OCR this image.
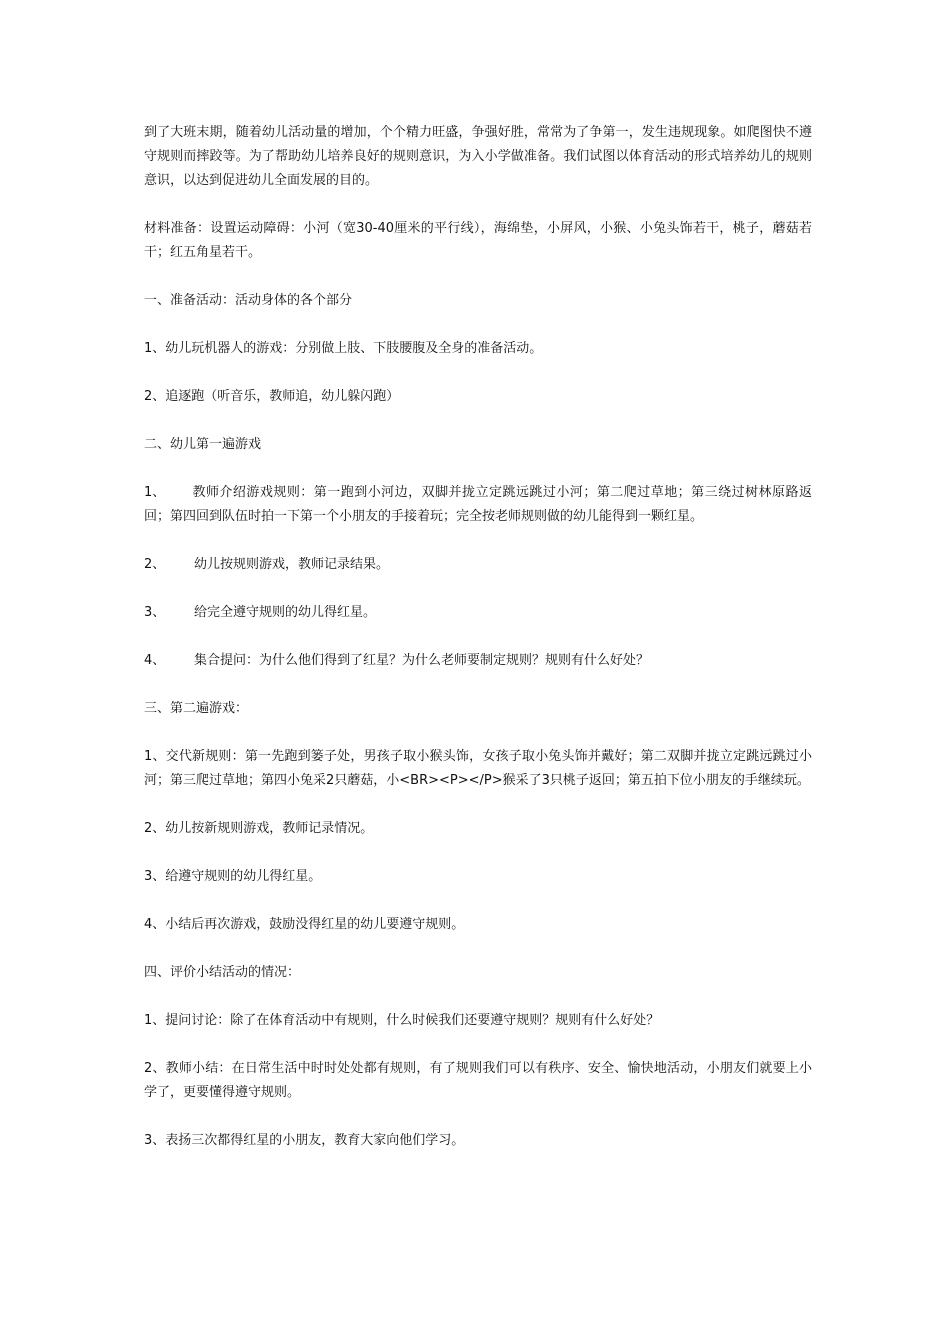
到了大班末期，随着幼儿活动量的增加，个个精力旺盛，争强好胜，常常为了争第一，发生违规现象。如爬图快不遵守规则而摔跤等。为了帮助幼儿培养良好的规则意识，为入小学做准备。我们试图以体育活动的形式培养幼儿的规则意识，以达到促进幼儿全面发展的目的。

材料准备：设置运动障碍：小河（宽30-40厘米的平行线），海绵垫，小屏风，小猴、小兔头饰若干，桃子，蘑菇若干；红五角星若干。

一、准备活动：活动身体的各个部分

1、幼儿玩机器人的游戏：分别做上肢、下肢腰腹及全身的准备活动。

2、追逐跑（听音乐，教师追，幼儿躲闪跑）

二、幼儿第一遍游戏

1、 教师介绍游戏规则：第一跑到小河边，双脚并拢立定跳远跳过小河；第二爬过草地；第三绕过树林原路返回；第四回到队伍时拍一下第一个小朋友的手接着玩；完全按老师规则做的幼儿能得到一颗红星。

2、 幼儿按规则游戏，教师记录结果。

3、 给完全遵守规则的幼儿得红星。

4、 集合提问：为什么他们得到了红星？为什么老师要制定规则？规则有什么好处？

三、第二遍游戏：

1、交代新规则：第一先跑到篓子处，男孩子取小猴头饰，女孩子取小兔头饰并戴好；第二双脚并拢立定跳远跳过小河；第三爬过草地；第四小兔采2只蘑菇，小<BR><P></P>猴采了3只桃子返回；第五拍下位小朋友的手继续玩。

2、幼儿按新规则游戏，教师记录情况。

3、给遵守规则的幼儿得红星。

4、小结后再次游戏，鼓励没得红星的幼儿要遵守规则。

四、评价小结活动的情况：

1、提问讨论：除了在体育活动中有规则，什么时候我们还要遵守规则？规则有什么好处？

2、教师小结：在日常生活中时时处处都有规则，有了规则我们可以有秩序、安全、愉快地活动，小朋友们就要上小学了，更要懂得遵守规则。

3、表扬三次都得红星的小朋友，教育大家向他们学习。
